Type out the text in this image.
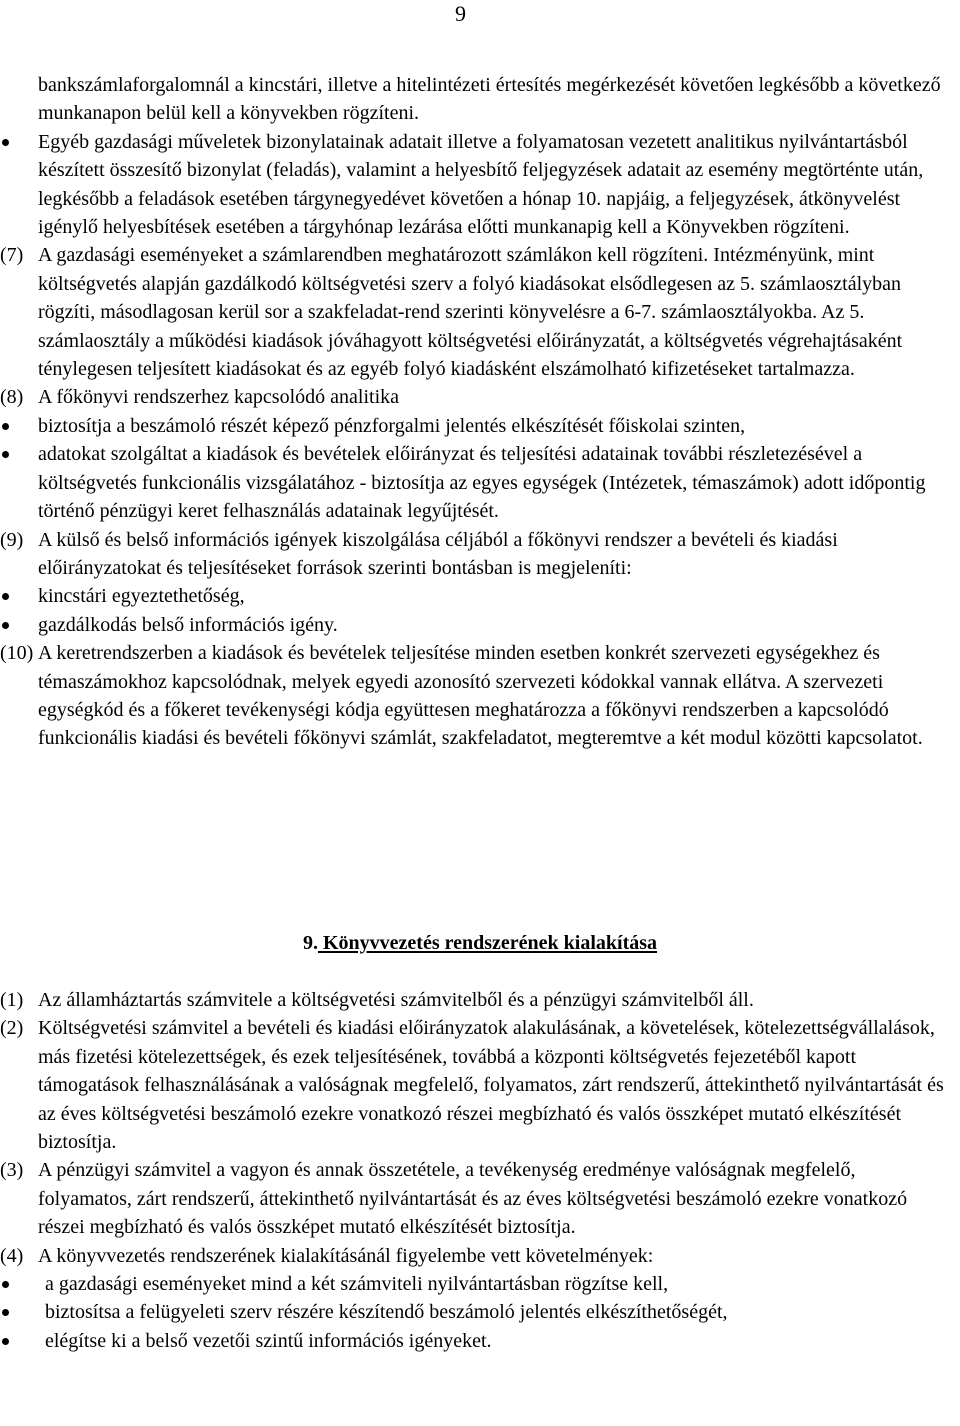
9

bankszámlaforgalomnál a kincstári, illetve a hitelintézeti értesítés megérkezését követően legkésőbb a következő munkanapon belül kell a könyvekben rögzíteni.

Egyéb gazdasági műveletek bizonylatainak adatait illetve a folyamatosan vezetett analitikus nyilvántartásból készített összesítő bizonylat (feladás), valamint a helyesbítő feljegyzések adatait az esemény megtörténte után, legkésőbb a feladások esetében tárgynegyedévet követően a hónap 10. napjáig, a feljegyzések, átkönyvelést igénylő helyesbítések esetében a tárgyhónap lezárása előtti munkanapig kell a Könyvekben rögzíteni.

(7) A gazdasági eseményeket a számlarendben meghatározott számlákon kell rögzíteni. Intézményünk, mint költségvetés alapján gazdálkodó költségvetési szerv a folyó kiadásokat elsődlegesen az 5. számlaosztályban rögzíti, másodlagosan kerül sor a szakfeladat-rend szerinti könyvelésre a 6-7. számlaosztályokba. Az 5. számlaosztály a működési kiadások jóváhagyott költségvetési előirányzatát, a költségvetés végrehajtásaként ténylegesen teljesített kiadásokat és az egyéb folyó kiadásként elszámolható kifizetéseket tartalmazza.

(8) A főkönyvi rendszerhez kapcsolódó analitika

biztosítja a beszámoló részét képező pénzforgalmi jelentés elkészítését főiskolai szinten,

adatokat szolgáltat a kiadások és bevételek előirányzat és teljesítési adatainak további részletezésével a költségvetés funkcionális vizsgálatához - biztosítja az egyes egységek (Intézetek, témaszámok) adott időpontig történő pénzügyi keret felhasználás adatainak legyűjtését.

(9) A külső és belső információs igények kiszolgálása céljából a főkönyvi rendszer a bevételi és kiadási előirányzatokat és teljesítéseket források szerinti bontásban is megjeleníti:

kincstári egyeztethetőség,

gazdálkodás belső információs igény.

(10) A keretrendszerben a kiadások és bevételek teljesítése minden esetben konkrét szervezeti egységekhez és témaszámokhoz kapcsolódnak, melyek egyedi azonosító szervezeti kódokkal vannak ellátva. A szervezeti egységkód és a főkeret tevékenységi kódja együttesen meghatározza a főkönyvi rendszerben a kapcsolódó funkcionális kiadási és bevételi főkönyvi számlát, szakfeladatot, megteremtve a két modul közötti kapcsolatot.

9. Könyvvezetés rendszerének kialakítása

(1) Az államháztartás számvitele a költségvetési számvitelből és a pénzügyi számvitelből áll.

(2) Költségvetési számvitel a bevételi és kiadási előirányzatok alakulásának, a követelések, kötelezettségvállalások, más fizetési kötelezettségek, és ezek teljesítésének, továbbá a központi költségvetés fejezetéből kapott támogatások felhasználásának a valóságnak megfelelő, folyamatos, zárt rendszerű, áttekinthető nyilvántartását és az éves költségvetési beszámoló ezekre vonatkozó részei megbízható és valós összképet mutató elkészítését biztosítja.

(3) A pénzügyi számvitel a vagyon és annak összetétele, a tevékenység eredménye valóságnak megfelelő, folyamatos, zárt rendszerű, áttekinthető nyilvántartását és az éves költségvetési beszámoló ezekre vonatkozó részei megbízható és valós összképet mutató elkészítését biztosítja.

(4) A könyvvezetés rendszerének kialakításánál figyelembe vett követelmények:

a gazdasági eseményeket mind a két számviteli nyilvántartásban rögzítse kell,

biztosítsa a felügyeleti szerv részére készítendő beszámoló jelentés elkészíthetőségét,

elégítse ki a belső vezetői szintű információs igényeket.
